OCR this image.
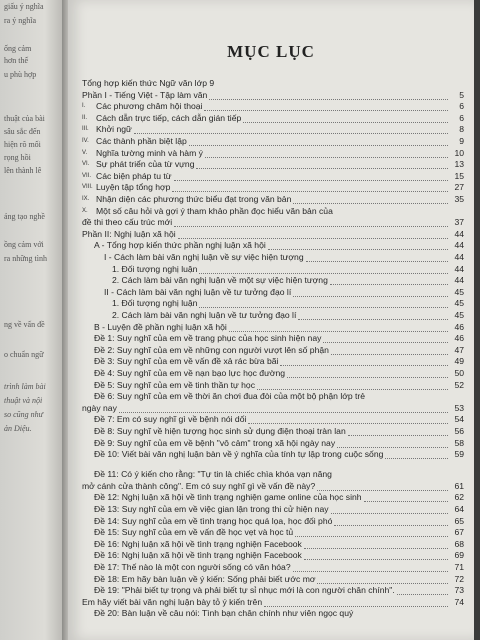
giấu ý nghĩa
ra ý nghĩa
ống cảm
hơn thế
u phù hợp
thuật của bài
sâu sắc đến
hiện rõ mối
rọng hồi
lên thành lê
ảng tạo nghề
ồng cảm với
ra những tình
ng về vấn đề
o chuẩn ngữ
trình làm bài
thuật và nội
so cũng như
ản Diệu.
MỤC LỤC
Tổng hợp kiến thức Ngữ văn lớp 9
Phần I - Tiếng Việt - Tập làm văn	5
I.	Các phương châm hội thoại	6
II.	Cách dẫn trực tiếp, cách dẫn gián tiếp	6
III. Khởi ngữ	8
IV. Các thành phần biệt lập	9
V.	Nghĩa tường minh và hàm ý	10
VI. Sự phát triển của từ vựng	13
VII. Các biện pháp tu từ	15
VIII. Luyện tập tổng hợp	27
IX. Nhận diện các phương thức biểu đạt trong văn bản	35
X. Một số câu hỏi và gợi ý tham khảo phần đọc hiểu văn bản của
đề thi theo cấu trúc mới	37
Phần II: Nghị luận xã hội	44
A - Tổng hợp kiến thức phần nghị luận xã hội	44
I - Cách làm bài văn nghị luận về sự việc hiện tượng	44
1. Đối tượng nghị luận	44
2. Cách làm bài văn nghị luận về một sự việc hiện tượng	44
II - Cách làm bài văn nghị luận về tư tưởng đạo lí	45
1. Đối tượng nghị luận	45
2. Cách làm bài văn nghị luận về tư tưởng đạo lí	45
B - Luyện đề phần nghị luận xã hội	46
Đề 1: Suy nghĩ của em về trang phục của học sinh hiện nay	46
Đề 2: Suy nghĩ của em về những con người vượt lên số phận	47
Đề 3: Suy nghĩ của em về vấn đề xả rác bừa bãi	49
Đề 4: Suy nghĩ của em về nạn bạo lực học đường	50
Đề 5: Suy nghĩ của em về tinh thần tự học	52
Đề 6: Suy nghĩ của em về thời ăn chơi đua đòi của một bộ phận lớp trẻ
ngày nay	53
Đề 7: Em có suy nghĩ gì về bệnh nói dối	54
Đề 8: Suy nghĩ về hiện tượng học sinh sử dụng điện thoại tràn lan	56
Đề 9: Suy nghĩ của em về bệnh "vô cảm" trong xã hội ngày nay	58
Đề 10: Viết bài văn nghị luận bàn về ý nghĩa của tính tự lập trong cuộc sống	59
Đề 11: Có ý kiến cho rằng: "Tự tin là chiếc chìa khóa vạn năng
mở cánh cửa thành công". Em có suy nghĩ gì về vấn đề này?	61
Đề 12: Nghị luận xã hội về tình trạng nghiện game online của học sinh	62
Đề 13: Suy nghĩ của em về việc gian lận trong thi cử hiện nay	64
Đề 14: Suy nghĩ của em về tình trạng học quá lọa, học đối phó	65
Đề 15: Suy nghĩ của em về vấn đề học vẹt và học tủ	67
Đề 16: Nghị luận xã hội về tình trạng nghiện Facebook	68
Đề 16: Nghị luận xã hội về tình trạng nghiện Facebook	69
Đề 17: Thế nào là một con người sống có văn hóa?	71
Đề 18: Em hãy bàn luận về ý kiến: Sống phải biết ước mơ	72
Đề 19: "Phải biết tự trọng và phải biết tự sỉ nhục mới là con người chân chính".	73
Em hãy viết bài văn nghị luận bày tỏ ý kiến trên	74
Đề 20: Bàn luận về câu nói: Tình bạn chân chính như viên ngọc quý
